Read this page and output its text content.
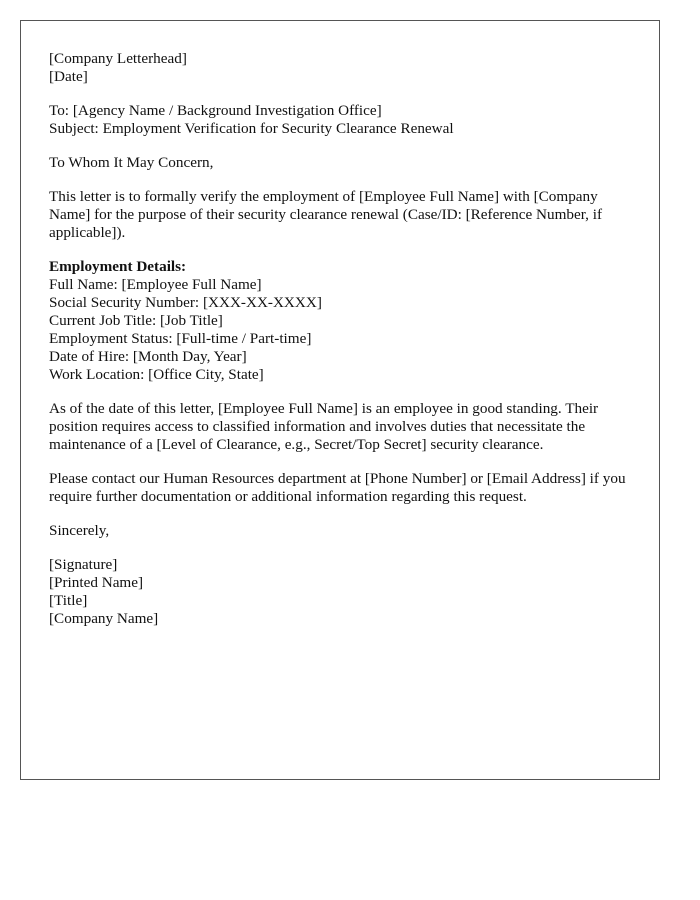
[Company Letterhead]
[Date]
To: [Agency Name / Background Investigation Office]
Subject: Employment Verification for Security Clearance Renewal
To Whom It May Concern,
This letter is to formally verify the employment of [Employee Full Name] with [Company Name] for the purpose of their security clearance renewal (Case/ID: [Reference Number, if applicable]).
Employment Details:
Full Name: [Employee Full Name]
Social Security Number: [XXX-XX-XXXX]
Current Job Title: [Job Title]
Employment Status: [Full-time / Part-time]
Date of Hire: [Month Day, Year]
Work Location: [Office City, State]
As of the date of this letter, [Employee Full Name] is an employee in good standing. Their position requires access to classified information and involves duties that necessitate the maintenance of a [Level of Clearance, e.g., Secret/Top Secret] security clearance.
Please contact our Human Resources department at [Phone Number] or [Email Address] if you require further documentation or additional information regarding this request.
Sincerely,
[Signature]
[Printed Name]
[Title]
[Company Name]
